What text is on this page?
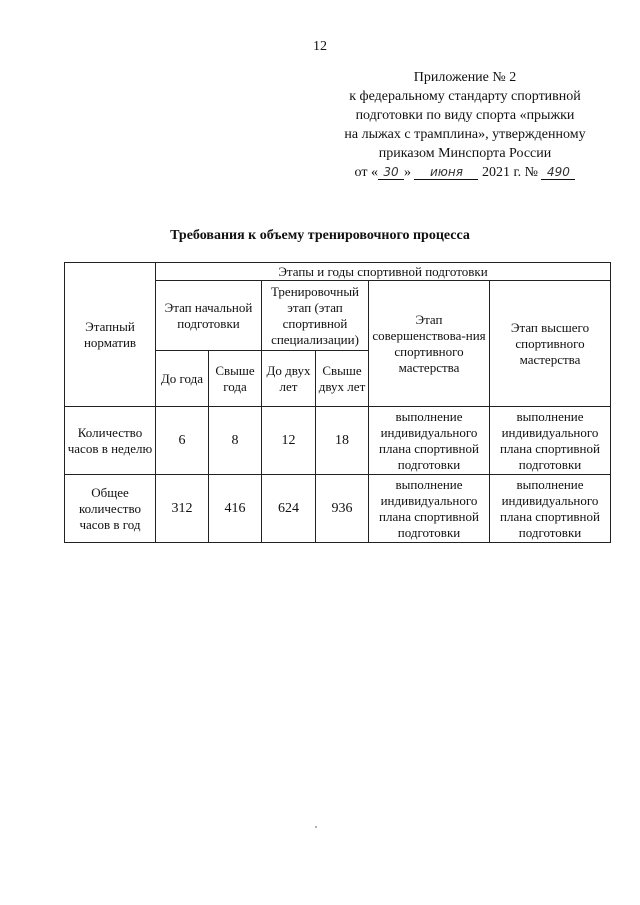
12
Приложение № 2
к федеральному стандарту спортивной
подготовки по виду спорта «прыжки
на лыжах с трамплина», утвержденному
приказом Минспорта России
от « 30 » июня 2021 г. № 490
Требования к объему тренировочного процесса
Этапный норматив	Этапы и годы спортивной подготовки					
	Этап начальной подготовки		Тренировочный этап (этап спортивной специализации)		Этап совершенствова-ния спортивного мастерства	Этап высшего спортивного мастерства
	До года	Свыше года	До двух лет	Свыше двух лет		
Количество часов в неделю	6	8	12	18	выполнение индивидуального плана спортивной подготовки	выполнение индивидуального плана спортивной подготовки
Общее количество часов в год	312	416	624	936	выполнение индивидуального плана спортивной подготовки	выполнение индивидуального плана спортивной подготовки
